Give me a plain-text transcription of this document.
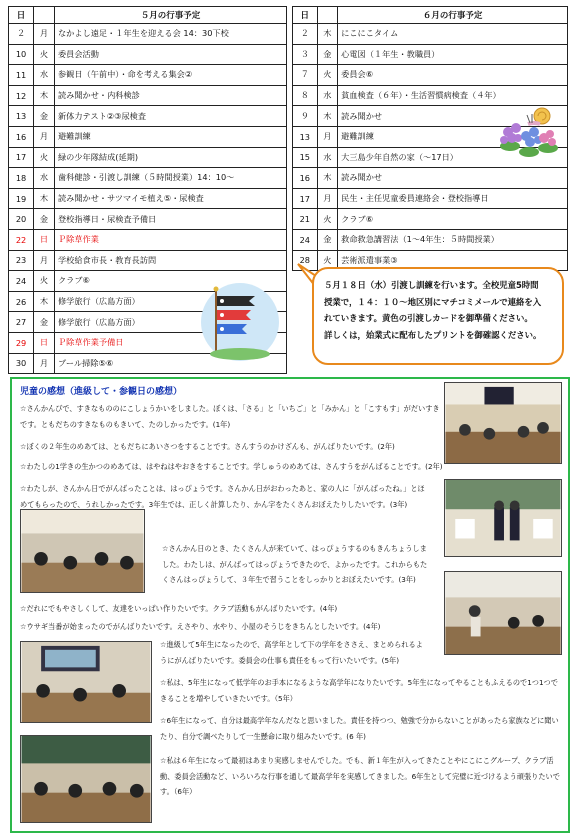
日		５月の行事予定
２	月	なかよし遠足・１年生を迎える会 14：30下校
10	火	委員会活動
11	水	参観日（午前中）・命を考える集会②
12	木	読み聞かせ・内科検診
13	金	新体力テスト②③尿検査
16	月	避難訓練
17	火	緑の少年隊結成(延期)
18	水	歯科健診・引渡し訓練（５時間授業）14：10～
19	木	読み聞かせ・サツマイモ植え⑤・尿検査
20	金	登校指導日・尿検査予備日
22	日	Ｐ除草作業
23	月	学校給食市長・教育長訪問
24	火	クラブ⑥
26	木	修学旅行（広島方面）
27	金	修学旅行（広島方面）
29	日	Ｐ除草作業予備日
30	月	プール掃除⑤⑥
日		６月の行事予定
２	木	にこにこタイム
３	金	心電図（１年生・教職員）
７	火	委員会⑥
８	水	貧血検査（６年）・生活習慣病検査（４年）
９	木	読み聞かせ
13	月	避難訓練
15	水	大三島少年自然の家（～17日）
16	木	読み聞かせ
17	月	民生・主任児童委員連絡会・登校指導日
21	火	クラブ⑥
24	金	救命救急講習法（1～4年生：５時間授業）
28	火	芸術派遣事業③
５月１８日（水）引渡し訓練を行います。全校児童5時間
授業で，１４：１０～地区別にマチコミメールで連絡を入
れていきます。黄色の引渡しカードを御準備ください。
詳しくは，始業式に配布したプリントを御確認ください。
児童の感想（進級して・参観日の感想）
☆さんかんびで、すきなもののにこしょうかいをしました。ぼくは、「さる」と「いちご」と「みかん」と「こすもす」がだいすきです。ともだちのすきなものもきいて、たのしかったです。(1年)
☆ぼくの２年生のめあては、ともだちにあいさつをすることです。さんすうのかけざんも、がんばりたいです。(2年)
☆わたしの1学きの生かつのめあては、はやねはやおきをすることです。学しゅうのめあては、さんすうをがんばることです。(2年)
☆わたしが、さんかん日でがんばったことは、はっぴょうです。さんかん日がおわったあと、家の人に「がんばったね。」とほめてもらったので、うれしかったです。3年生では、正しく計算したり、かん字をたくさんおぼえたりしたいです。(3年)
☆さんかん日のとき、たくさん人が来ていて、はっぴょうするのもきんちょうしました。わたしは、がんばってはっぴょうできたので、よかったです。これからもたくさんはっぴょうして、３年生で習うことをしっかりとおぼえたいです。(3年)
☆だれにでもやさしくして、友達をいっぱい作りたいです。クラブ活動もがんばりたいです。(4年)
☆ウサギ当番が始まったのでがんばりたいです。えさやり、水やり、小屋のそうじをきちんとしたいです。(4年)
☆進級して5年生になったので、高学年として下の学年をささえ、まとめられるようにがんばりたいです。委員会の仕事も責任をもって行いたいです。(5年)
☆私は、5年生になって低学年のお手本になるような高学年になりたいです。5年生になってやることもふえるので1つ1つできることを増やしていきたいです。（5年）
☆6年生になって、自分は最高学年なんだなと思いました。責任を持つつ、勉強で分からないことがあったら家族などに聞いたり、自分で調べたりして一生懸命に取り組みたいです。(6 年)
☆私は６年生になって最初はあまり実感しませんでした。でも、新１年生が入ってきたことやにこにこグループ、クラブ活動、委員会活動など、いろいろな行事を通して最高学年を実感してきました。6年生として完璧に近づけるよう頑張りたいです。（6年）
